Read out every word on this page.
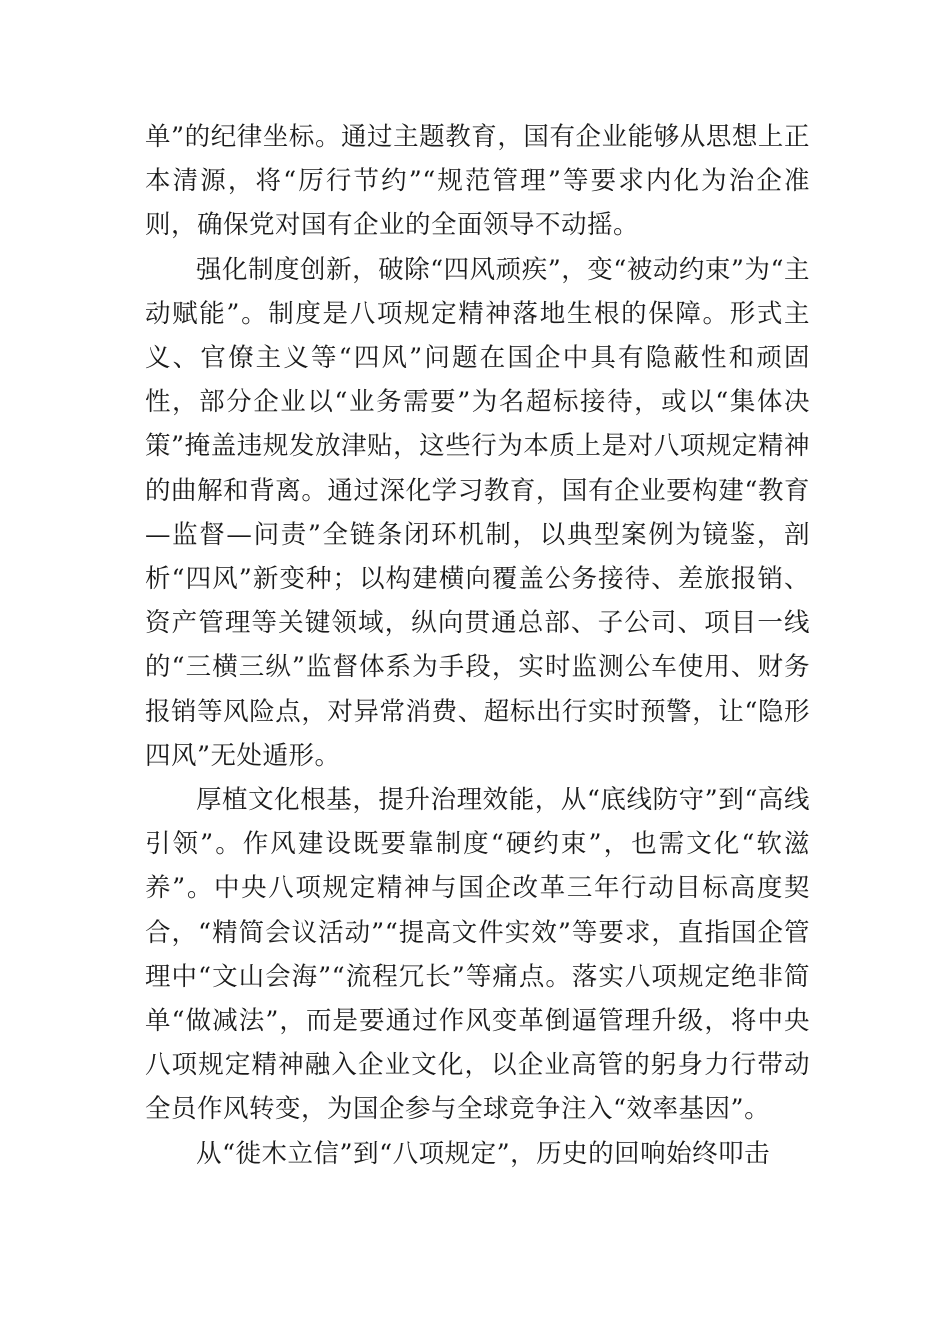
单”的纪律坐标。通过主题教育，国有企业能够从思想上正本清源，将“厉行节约”“规范管理”等要求内化为治企准则，确保党对国有企业的全面领导不动摇。

强化制度创新，破除“四风顽疾”，变“被动约束”为“主动赋能”。制度是八项规定精神落地生根的保障。形式主义、官僚主义等“四风”问题在国企中具有隐蔽性和顽固性，部分企业以“业务需要”为名超标接待，或以“集体决策”掩盖违规发放津贴，这些行为本质上是对八项规定精神的曲解和背离。通过深化学习教育，国有企业要构建“教育—监督—问责”全链条闭环机制，以典型案例为镜鉴，剖析“四风”新变种；以构建横向覆盖公务接待、差旅报销、资产管理等关键领域，纵向贯通总部、子公司、项目一线的“三横三纵”监督体系为手段，实时监测公车使用、财务报销等风险点，对异常消费、超标出行实时预警，让“隐形四风”无处遁形。

厚植文化根基，提升治理效能，从“底线防守”到“高线引领”。作风建设既要靠制度“硬约束”，也需文化“软滋养”。中央八项规定精神与国企改革三年行动目标高度契合，“精简会议活动”“提高文件实效”等要求，直指国企管理中“文山会海”“流程冗长”等痛点。落实八项规定绝非简单“做减法”，而是要通过作风变革倒逼管理升级，将中央八项规定精神融入企业文化，以企业高管的躬身力行带动全员作风转变，为国企参与全球竞争注入“效率基因”。

从“徙木立信”到“八项规定”，历史的回响始终叩击
